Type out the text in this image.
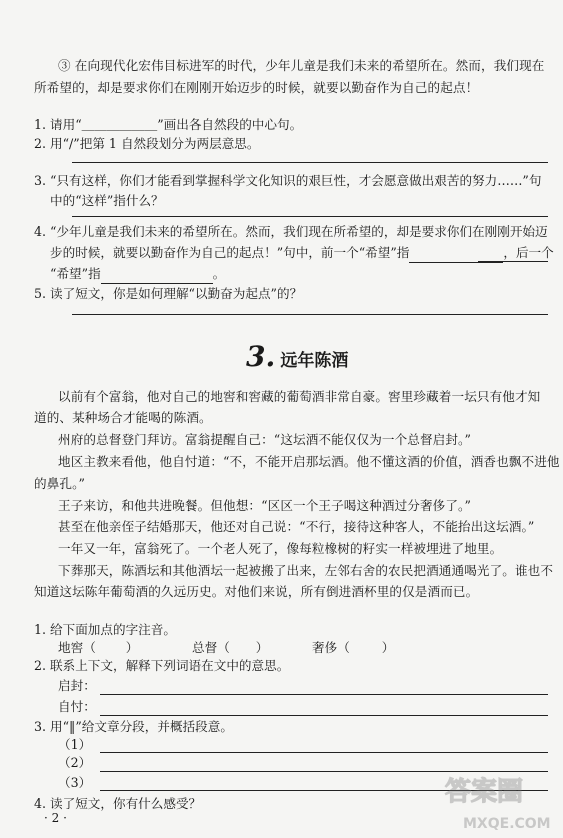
③ 在向现代化宏伟目标进军的时代，少年儿童是我们未来的希望所在。然而，我们现在
所希望的，却是要求你们在刚刚开始迈步的时候，就要以勤奋作为自己的起点！
1. 请用“＿＿＿＿＿＿”画出各自然段的中心句。
2. 用“/”把第 1 自然段划分为两层意思。
3. “只有这样，你们才能看到掌握科学文化知识的艰巨性，才会愿意做出艰苦的努力……”句
中的“这样”指什么？
4. “少年儿童是我们未来的希望所在。然而，我们现在所希望的，却是要求你们在刚刚开始迈
步的时候，就要以勤奋作为自己的起点！”句中，前一个“希望”指	，后一个
“希望”指	。
5. 读了短文，你是如何理解“以勤奋为起点”的？
3. 远年陈酒
以前有个富翁，他对自己的地窖和窖藏的葡萄酒非常自豪。窖里珍藏着一坛只有他才知
道的、某种场合才能喝的陈酒。
州府的总督登门拜访。富翁提醒自己：“这坛酒不能仅仅为一个总督启封。”
地区主教来看他，他自忖道：“不，不能开启那坛酒。他不懂这酒的价值，酒香也飘不进他
的鼻孔。”
王子来访，和他共进晚餐。但他想：“区区一个王子喝这种酒过分奢侈了。”
甚至在他亲侄子结婚那天，他还对自己说：“不行，接待这种客人，不能抬出这坛酒。”
一年又一年，富翁死了。一个老人死了，像每粒橡树的籽实一样被埋进了地里。
下葬那天，陈酒坛和其他酒坛一起被搬了出来，左邻右舍的农民把酒通通喝光了。谁也不
知道这坛陈年葡萄酒的久远历史。对他们来说，所有倒进酒杯里的仅是酒而已。
1. 给下面加点的字注音。
地窖（ ）	总督（ ）	奢侈（	）
2. 联系上下文，解释下列词语在文中的意思。
启封：
自忖：
3. 用“‖”给文章分段，并概括段意。
（1）
（2）
（3）
4. 读了短文，你有什么感受？
· 2 ·
答案圈
MXQE.COM
